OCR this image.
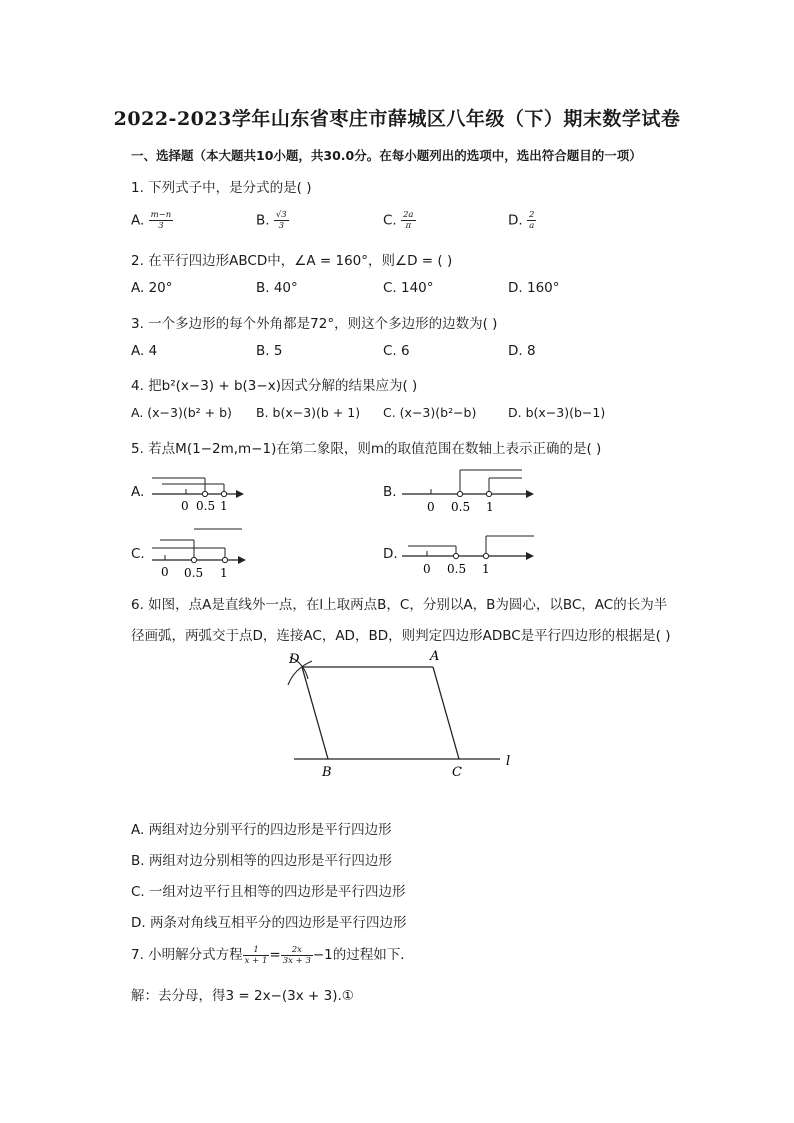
2022-2023学年山东省枣庄市薛城区八年级（下）期末数学试卷
一、选择题（本大题共10小题，共30.0分。在每小题列出的选项中，选出符合题目的一项）
1. 下列式子中，是分式的是( )
A. $\frac{m-n}{3}$	B. $\frac{√3}{3}$	C. $\frac{2a}{\pi}$	D. $\frac{2}{a}$
2. 在平行四边形ABCD中，∠A = 160°，则∠D = ( )
A. 20°	B. 40°	C. 140°	D. 160°
3. 一个多边形的每个外角都是72°，则这个多边形的边数为( )
A. 4	B. 5	C. 6	D. 8
4. 把b²(x−3) + b(3−x)因式分解的结果应为( )
A. (x−3)(b² + b) B. b(x−3)(b + 1) C. (x−3)(b²−b)	D. b(x−3)(b−1)
5. 若点M(1−2m,m−1)在第二象限，则m的取值范围在数轴上表示正确的是( )
A.
0 0.5 1
B.
0 0.5 1
C.
0 0.5 1
D.
0 0.5 1
6. 如图，点A是直线外一点，在l上取两点B，C，分别以A，B为圆心，以BC，AC的长为半
径画弧，两弧交于点D，连接AC，AD，BD，则判定四边形ADBC是平行四边形的根据是( )
D	A
B	C
l
A. 两组对边分别平行的四边形是平行四边形
B. 两组对边分别相等的四边形是平行四边形
C. 一组对边平行且相等的四边形是平行四边形
D. 两条对角线互相平分的四边形是平行四边形
7. 小明解分式方程 $\frac{1}{x + 1} = \frac{2x}{3x + 3} -1$的过程如下．
解：去分母，得3 = 2x−(3x + 3).①
